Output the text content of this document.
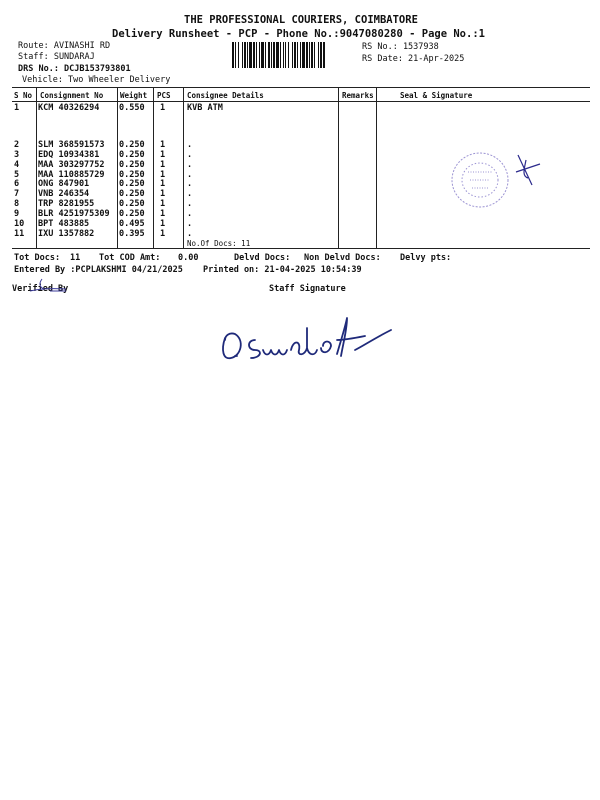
THE PROFESSIONAL COURIERS, COIMBATORE
Delivery Runsheet - PCP - Phone No.:9047080280 - Page No.:1
Route: AVINASHI RD
Staff: SUNDARAJ
DRS No.: DCJB153793801
Vehicle: Two Wheeler Delivery
RS No.: 1537938
RS Date: 21-Apr-2025
S No Consignment No Weight PCS Consignee Details	Remarks	Seal & Signature
1 KCM 40326294 0.550 1	KVB ATM
2 SLM 368591573 0.250 1	.
3 EDQ 10934381 0.250 1	.
4 MAA 303297752 0.250 1	.
5 MAA 110885729 0.250 1	.
6 ONG 847901	0.250 1	.
7 VNB 246354	0.250 1	.
8 TRP 8281955	0.250 1	.
9 BLR 4251975309 0.250 1	.
10 BPT 483885	0.495 1	.
11 IXU 1357882	0.395 1	.
No.Of Docs: 11
Tot Docs: 11 Tot COD Amt: 0.00	Delvd Docs: Non Delvd Docs: Delvy pts:
Entered By :PCPLAKSHMI 04/21/2025 Printed on: 21-04-2025 10:54:39
Verified By	Staff Signature
